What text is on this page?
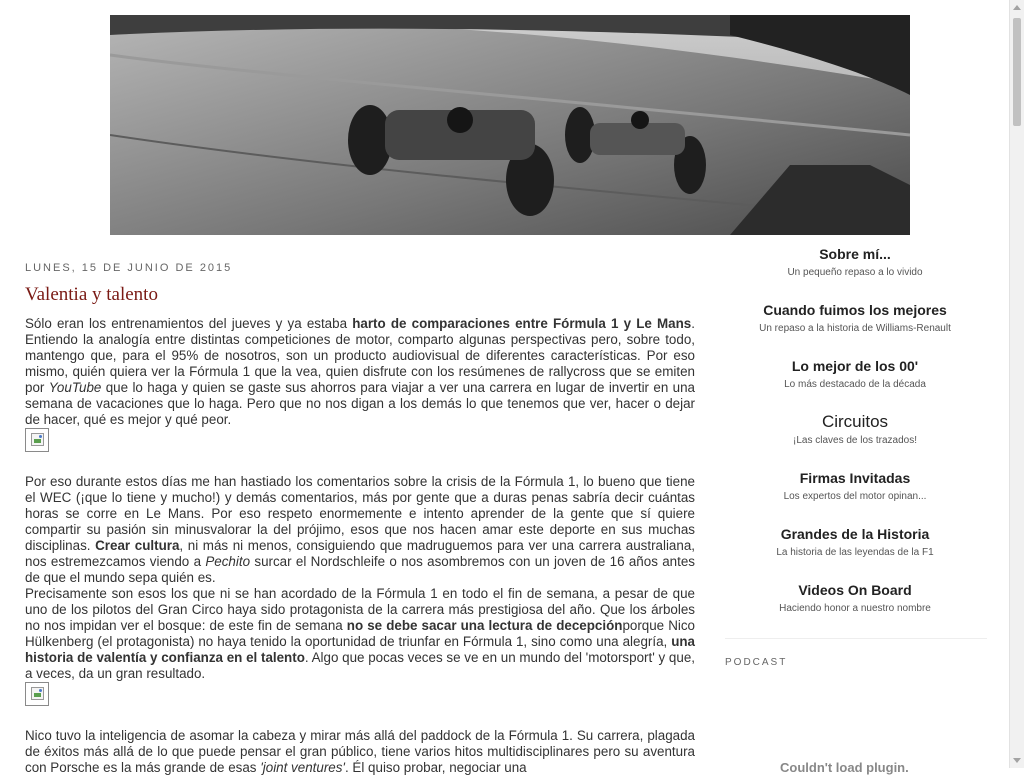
LUNES, 15 DE JUNIO DE 2015
Valentia y talento

Sólo eran los entrenamientos del jueves y ya estaba harto de comparaciones entre Fórmula 1 y Le Mans. Entiendo la analogía entre distintas competiciones de motor, comparto algunas perspectivas pero, sobre todo, mantengo que, para el 95% de nosotros, son un producto audiovisual de diferentes características. Por eso mismo, quién quiera ver la Fórmula 1 que la vea, quien disfrute con los resúmenes de rallycross que se emiten por YouTube que lo haga y quien se gaste sus ahorros para viajar a ver una carrera en lugar de invertir en una semana de vacaciones que lo haga. Pero que no nos digan a los demás lo que tenemos que ver, hacer o dejar de hacer, qué es mejor y qué peor.

Por eso durante estos días me han hastiado los comentarios sobre la crisis de la Fórmula 1, lo bueno que tiene el WEC (¡que lo tiene y mucho!) y demás comentarios, más por gente que a duras penas sabría decir cuántas horas se corre en Le Mans. Por eso respeto enormemente e intento aprender de la gente que sí quiere compartir su pasión sin minusvalorar la del prójimo, esos que nos hacen amar este deporte en sus muchas disciplinas. Crear cultura, ni más ni menos, consiguiendo que madruguemos para ver una carrera australiana, nos estremezcamos viendo a Pechito surcar el Nordschleife o nos asombremos con un joven de 16 años antes de que el mundo sepa quién es.

Precisamente son esos los que ni se han acordado de la Fórmula 1 en todo el fin de semana, a pesar de que uno de los pilotos del Gran Circo haya sido protagonista de la carrera más prestigiosa del año. Que los árboles no nos impidan ver el bosque: de este fin de semana no se debe sacar una lectura de decepciónporque Nico Hülkenberg (el protagonista) no haya tenido la oportunidad de triunfar en Fórmula 1, sino como una alegría, una historia de valentía y confianza en el talento. Algo que pocas veces se ve en un mundo del 'motorsport' y que, a veces, da un gran resultado.

Nico tuvo la inteligencia de asomar la cabeza y mirar más allá del paddock de la Fórmula 1. Su carrera, plagada de éxitos más allá de lo que puede pensar el gran público, tiene varios hitos multidisciplinares pero su aventura con Porsche es la más grande de esas 'joint ventures'. Él quiso probar, negociar una

Sobre mí...
Un pequeño repaso a lo vivido
Cuando fuimos los mejores
Un repaso a la historia de Williams-Renault
Lo mejor de los 00'
Lo más destacado de la década
Circuitos
¡Las claves de los trazados!
Firmas Invitadas
Los expertos del motor opinan...
Grandes de la Historia
La historia de las leyendas de la F1
Videos On Board
Haciendo honor a nuestro nombre
PODCAST
Couldn't load plugin.
